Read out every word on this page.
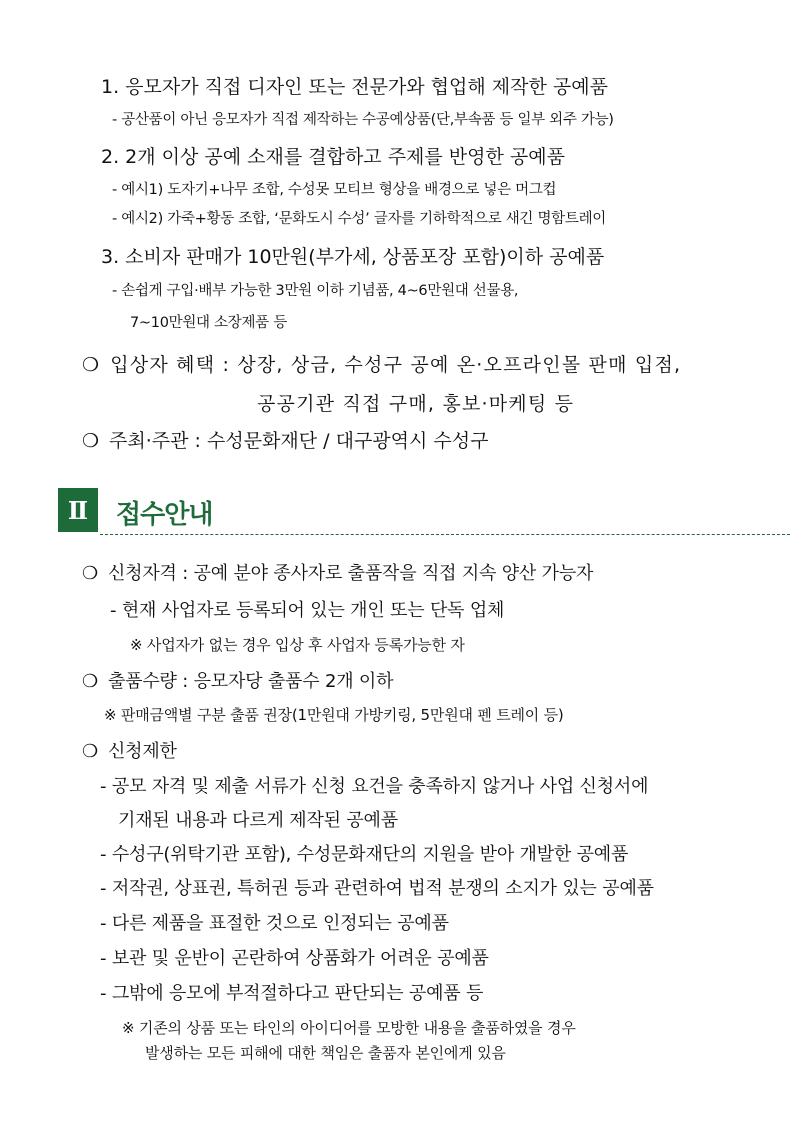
1. 응모자가 직접 디자인 또는 전문가와 협업해 제작한 공예품
- 공산품이 아닌 응모자가 직접 제작하는 수공예상품(단,부속품 등 일부 외주 가능)
2. 2개 이상 공예 소재를 결합하고 주제를 반영한 공예품
- 예시1) 도자기+나무 조합, 수성못 모티브 형상을 배경으로 넣은 머그컵
- 예시2) 가죽+황동 조합, ‘문화도시 수성’ 글자를 기하학적으로 새긴 명함트레이
3. 소비자 판매가 10만원(부가세, 상품포장 포함)이하 공예품
- 손쉽게 구입·배부 가능한 3만원 이하 기념품, 4~6만원대 선물용,
7~10만원대 소장제품 등
❍ 입상자 혜택 : 상장, 상금, 수성구 공예 온·오프라인몰 판매 입점,
공공기관 직접 구매, 홍보·마케팅 등
❍ 주최·주관 : 수성문화재단 / 대구광역시 수성구
Ⅱ	접수안내
❍ 신청자격 : 공예 분야 종사자로 출품작을 직접 지속 양산 가능자
- 현재 사업자로 등록되어 있는 개인 또는 단독 업체
※ 사업자가 없는 경우 입상 후 사업자 등록가능한 자
❍ 출품수량 : 응모자당 출품수 2개 이하
※ 판매금액별 구분 출품 권장(1만원대 가방키링, 5만원대 펜 트레이 등)
❍ 신청제한
- 공모 자격 및 제출 서류가 신청 요건을 충족하지 않거나 사업 신청서에
기재된 내용과 다르게 제작된 공예품
- 수성구(위탁기관 포함), 수성문화재단의 지원을 받아 개발한 공예품
- 저작권, 상표권, 특허권 등과 관련하여 법적 분쟁의 소지가 있는 공예품
- 다른 제품을 표절한 것으로 인정되는 공예품
- 보관 및 운반이 곤란하여 상품화가 어려운 공예품
- 그밖에 응모에 부적절하다고 판단되는 공예품 등
※ 기존의 상품 또는 타인의 아이디어를 모방한 내용을 출품하였을 경우
발생하는 모든 피해에 대한 책임은 출품자 본인에게 있음
